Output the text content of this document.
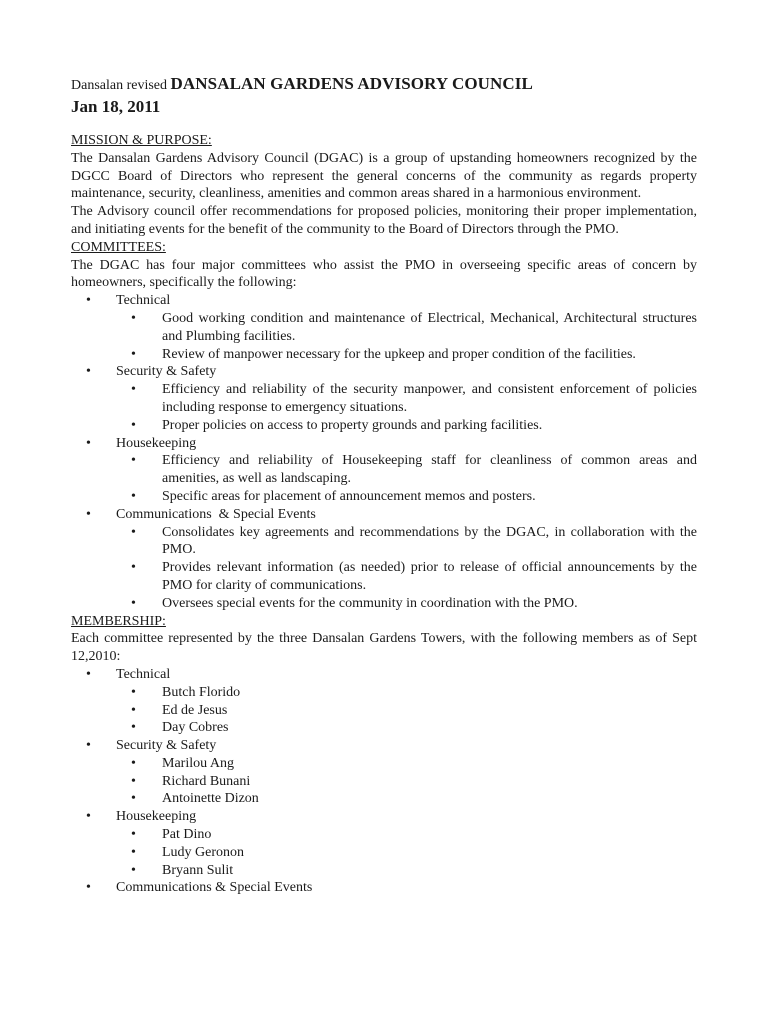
Dansalan revised DANSALAN GARDENS ADVISORY COUNCIL

Jan 18, 2011

MISSION & PURPOSE:

The Dansalan Gardens Advisory Council (DGAC) is a group of upstanding homeowners recognized by the DGCC Board of Directors who represent the general concerns of the community as regards property maintenance, security, cleanliness, amenities and common areas shared in a harmonious environment.

The Advisory council offer recommendations for proposed policies, monitoring their proper implementation, and initiating events for the benefit of the community to the Board of Directors through the PMO.

COMMITTEES:

The DGAC has four major committees who assist the PMO in overseeing specific areas of concern by homeowners, specifically the following:

• Technical
• Good working condition and maintenance of Electrical, Mechanical, Architectural structures and Plumbing facilities.
• Review of manpower necessary for the upkeep and proper condition of the facilities.
• Security & Safety
• Efficiency and reliability of the security manpower, and consistent enforcement of policies including response to emergency situations.
• Proper policies on access to property grounds and parking facilities.
• Housekeeping
• Efficiency and reliability of Housekeeping staff for cleanliness of common areas and amenities, as well as landscaping.
• Specific areas for placement of announcement memos and posters.
• Communications  & Special Events
• Consolidates key agreements and recommendations by the DGAC, in collaboration with the PMO.
• Provides relevant information (as needed) prior to release of official announcements by the PMO for clarity of communications.
• Oversees special events for the community in coordination with the PMO.

MEMBERSHIP:

Each committee represented by the three Dansalan Gardens Towers, with the following members as of Sept 12,2010:

• Technical
• Butch Florido
• Ed de Jesus
• Day Cobres
• Security & Safety
• Marilou Ang
• Richard Bunani
• Antoinette Dizon
• Housekeeping
• Pat Dino
• Ludy Geronon
• Bryann Sulit
• Communications & Special Events
